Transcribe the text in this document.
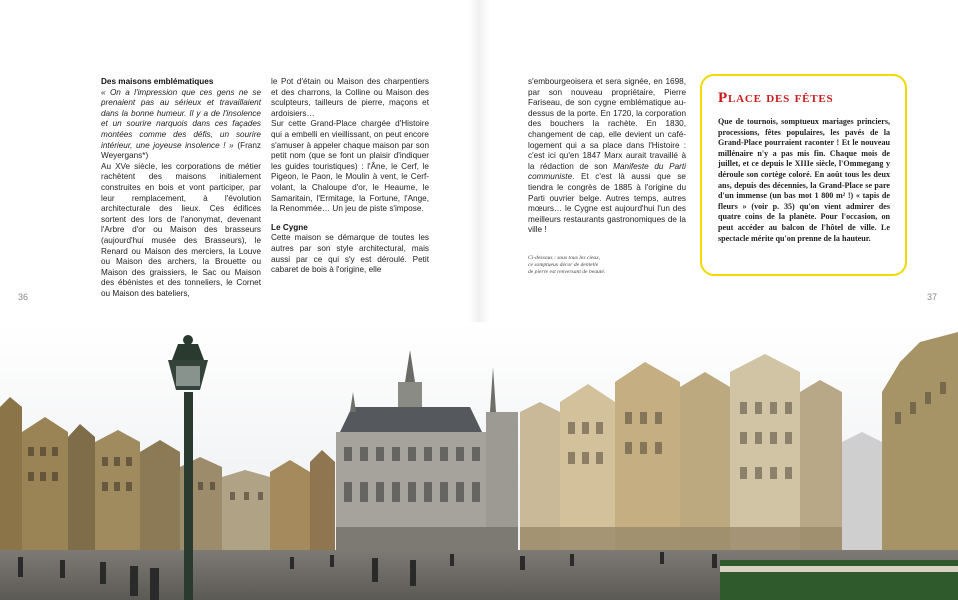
Des maisons emblématiques

« On a l'impression que ces gens ne se prenaient pas au sérieux et travaillaient dans la bonne humeur. Il y a de l'insolence et un sourire narquois dans ces façades montées comme des défis, un sourire intérieur, une joyeuse insolence ! » (Franz Weyergans*)

Au XVe siècle, les corporations de métier rachètent des maisons initialement construites en bois et vont participer, par leur remplacement, à l'évolution architecturale des lieux. Ces édifices sortent des lors de l'anonymat, devenant l'Arbre d'or ou Maison des brasseurs (aujourd'hui musée des Brasseurs), le Renard ou Maison des merciers, la Louve ou Maison des archers, la Brouette ou Maison des graissiers, le Sac ou Maison des ébénistes et des tonneliers, le Cornet ou Maison des bateliers,

le Pot d'étain ou Maison des charpentiers et des charrons, la Colline ou Maison des sculpteurs, tailleurs de pierre, maçons et ardoisiers…

Sur cette Grand-Place chargée d'Histoire qui a embelli en vieillissant, on peut encore s'amuser à appeler chaque maison par son petit nom (que se font un plaisir d'indiquer les guides touristiques) : l'Âne, le Cerf, le Pigeon, le Paon, le Moulin à vent, le Cerf-volant, la Chaloupe d'or, le Heaume, le Samaritain, l'Ermitage, la Fortune, l'Ange, la Renommée… Un jeu de piste s'impose.

Le Cygne

Cette maison se démarque de toutes les autres par son style architectural, mais aussi par ce qui s'y est déroulé. Petit cabaret de bois à l'origine, elle

s'embourgeoisera et sera signée, en 1698, par son nouveau propriétaire, Pierre Fariseau, de son cygne emblématique au-dessus de la porte. En 1720, la corporation des bouchers la rachète. En 1830, changement de cap, elle devient un café-logement qui a sa place dans l'Histoire : c'est ici qu'en 1847 Marx aurait travaillé à la rédaction de son Manifeste du Parti communiste. Et c'est là aussi que se tiendra le congrès de 1885 à l'origine du Parti ouvrier belge. Autres temps, autres mœurs… le Cygne est aujourd'hui l'un des meilleurs restaurants gastronomiques de la ville !

Ci-dessous : sous tous les cieux,
ce somptueux décor de dentelle
de pierre est renversant de beauté.
Place des fêtes

Que de tournois, somptueux mariages princiers, processions, fêtes populaires, les pavés de la Grand-Place pourraient raconter ! Et le nouveau millénaire n'y a pas mis fin. Chaque mois de juillet, et ce depuis le XIIIe siècle, l'Ommegang y déroule son cortège coloré. En août tous les deux ans, depuis des décennies, la Grand-Place se pare d'un immense (un bas mot 1 800 m² !) « tapis de fleurs » (voir p. 35) qu'on vient admirer des quatre coins de la planète. Pour l'occasion, on peut accéder au balcon de l'hôtel de ville. Le spectacle mérite qu'on prenne de la hauteur.

36	37
